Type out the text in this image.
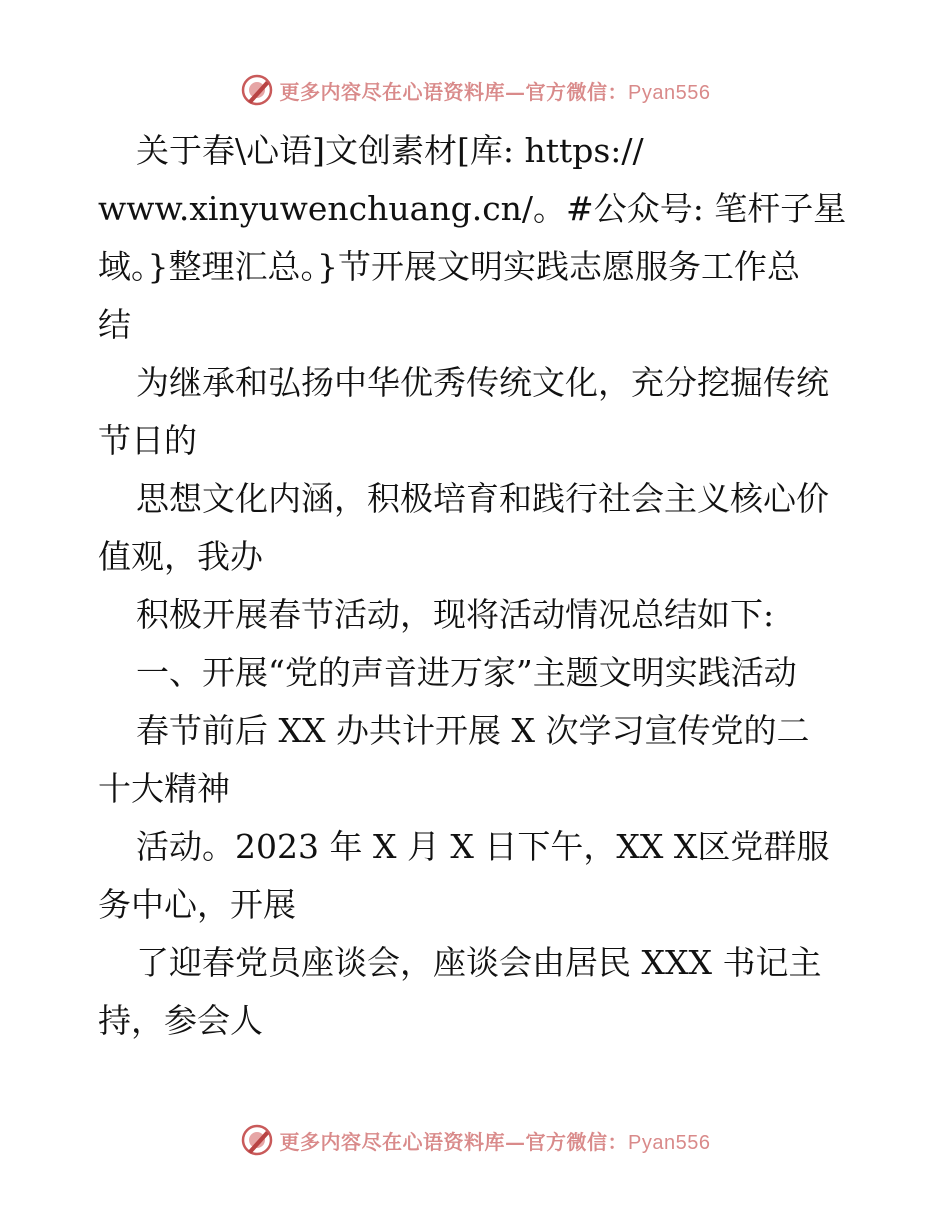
更多内容尽在心语资料库—官方微信：Pyan556

关于春\心语]文创素材[库: https://
www.xinyuwenchuang.cn/。#公众号: 笔杆子星
域。}整理汇总。}节开展文明实践志愿服务工作总
结

为继承和弘扬中华优秀传统文化，充分挖掘传统
节日的

思想文化内涵，积极培育和践行社会主义核心价
值观，我办

积极开展春节活动，现将活动情况总结如下:

一、开展“党的声音进万家”主题文明实践活动

春节前后 XX 办共计开展 X 次学习宣传党的二
十大精神

活动。2023 年 X 月 X 日下午，XX X区党群服
务中心，开展

了迎春党员座谈会，座谈会由居民 XXX 书记主
持，参会人

更多内容尽在心语资料库—官方微信：Pyan556
